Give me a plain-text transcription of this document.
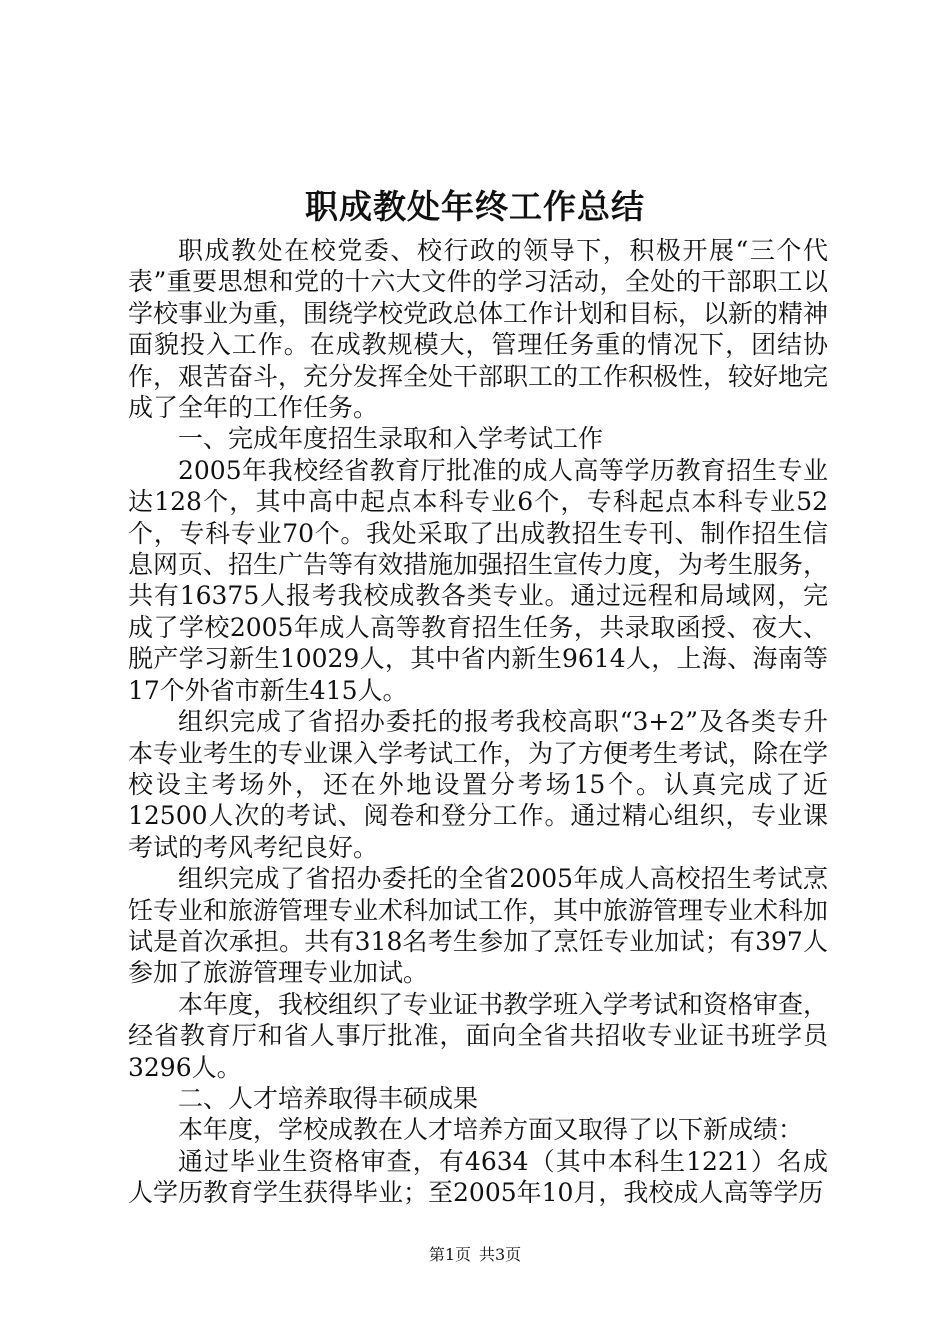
职成教处年终工作总结

职成教处在校党委、校行政的领导下，积极开展“三个代表”重要思想和党的十六大文件的学习活动，全处的干部职工以学校事业为重，围绕学校党政总体工作计划和目标，以新的精神面貌投入工作。在成教规模大，管理任务重的情况下，团结协作，艰苦奋斗，充分发挥全处干部职工的工作积极性，较好地完成了全年的工作任务。

一、完成年度招生录取和入学考试工作

2005年我校经省教育厅批准的成人高等学历教育招生专业达128个，其中高中起点本科专业6个，专科起点本科专业52个，专科专业70个。我处采取了出成教招生专刊、制作招生信息网页、招生广告等有效措施加强招生宣传力度，为考生服务，共有16375人报考我校成教各类专业。通过远程和局域网，完成了学校2005年成人高等教育招生任务，共录取函授、夜大、脱产学习新生10029人，其中省内新生9614人，上海、海南等17个外省市新生415人。

组织完成了省招办委托的报考我校高职“3+2”及各类专升本专业考生的专业课入学考试工作，为了方便考生考试，除在学校设主考场外，还在外地设置分考场15个。认真完成了近12500人次的考试、阅卷和登分工作。通过精心组织，专业课考试的考风考纪良好。

组织完成了省招办委托的全省2005年成人高校招生考试烹饪专业和旅游管理专业术科加试工作，其中旅游管理专业术科加试是首次承担。共有318名考生参加了烹饪专业加试；有397人参加了旅游管理专业加试。

本年度，我校组织了专业证书教学班入学考试和资格审查，经省教育厅和省人事厅批准，面向全省共招收专业证书班学员3296人。

二、人才培养取得丰硕成果

本年度，学校成教在人才培养方面又取得了以下新成绩：

通过毕业生资格审查，有4634（其中本科生1221）名成人学历教育学生获得毕业；至2005年10月，我校成人高等学历

第1页 共3页
